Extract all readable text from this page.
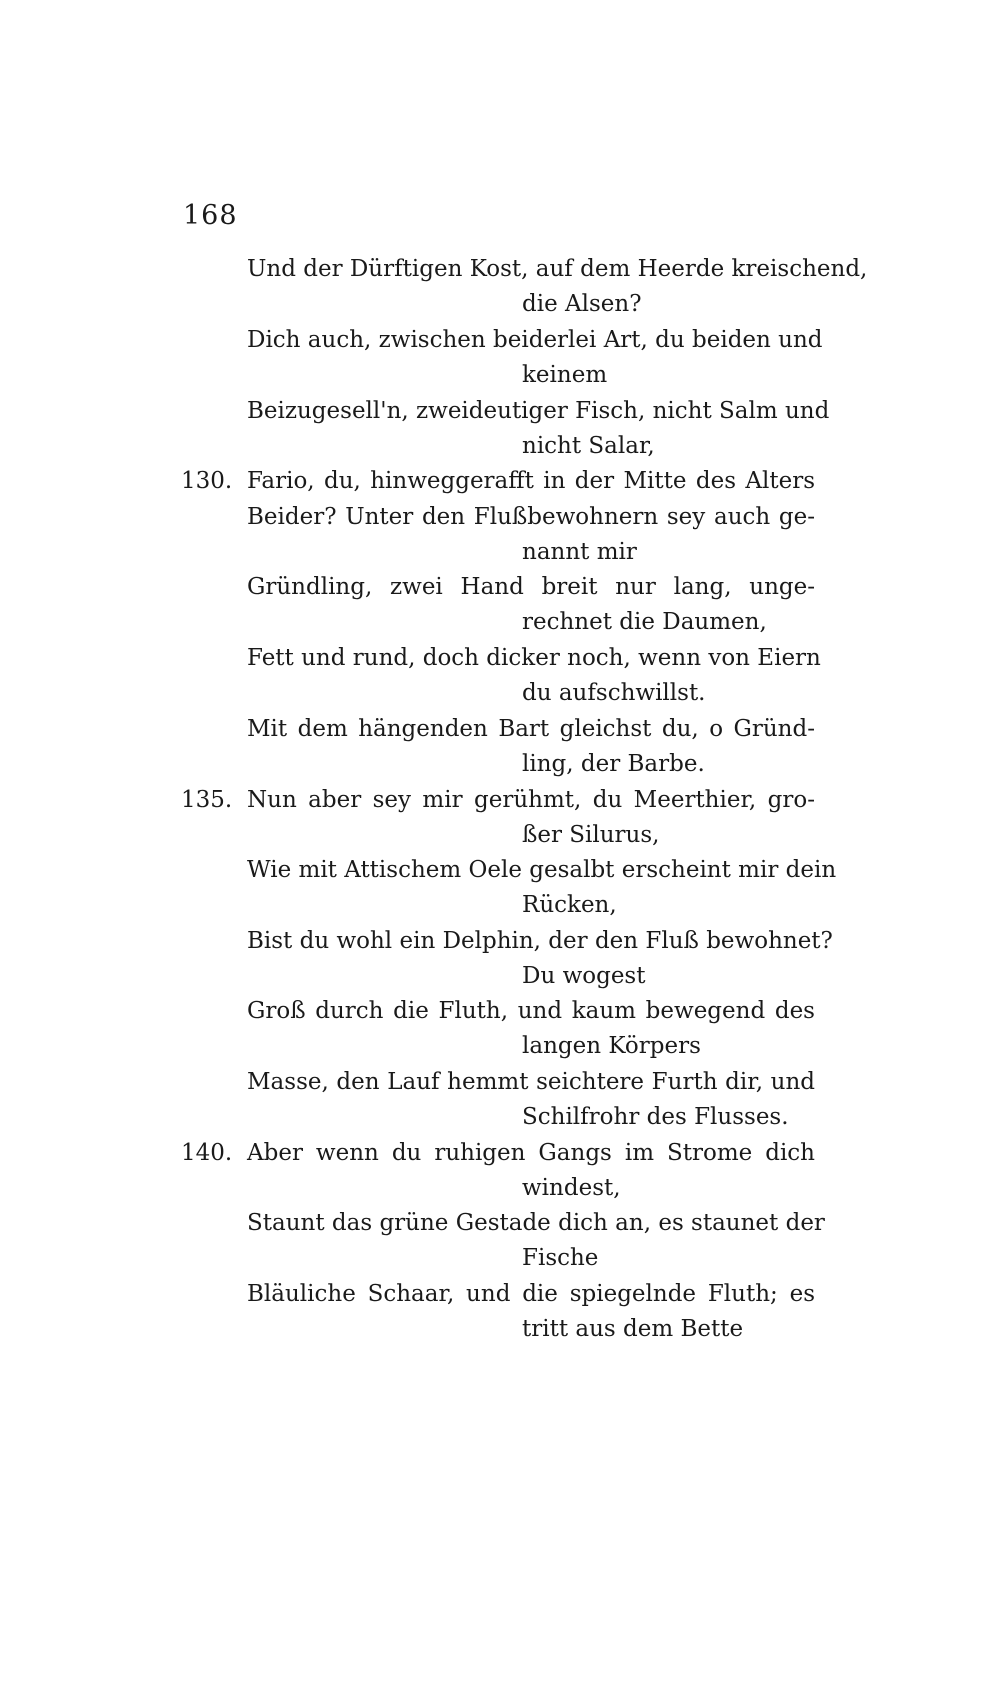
168
Und der Dürftigen Kost, auf dem Heerde kreischend,
die Alsen?
Dich auch, zwischen beiderlei Art, du beiden und
keinem
Beizugesell'n, zweideutiger Fisch, nicht Salm und
nicht Salar,
130. Fario, du, hinweggerafft in der Mitte des Alters
Beider? Unter den Flußbewohnern sey auch ge-
nannt mir
Gründling, zwei Hand breit nur lang, unge-
rechnet die Daumen,
Fett und rund, doch dicker noch, wenn von Eiern
du aufschwillst.
Mit dem hängenden Bart gleichst du, o Gründ-
ling, der Barbe.
135. Nun aber sey mir gerühmt, du Meerthier, gro-
ßer Silurus,
Wie mit Attischem Oele gesalbt erscheint mir dein
Rücken,
Bist du wohl ein Delphin, der den Fluß bewohnet?
Du wogest
Groß durch die Fluth, und kaum bewegend des
langen Körpers
Masse, den Lauf hemmt seichtere Furth dir, und
Schilfrohr des Flusses.
140. Aber wenn du ruhigen Gangs im Strome dich
windest,
Staunt das grüne Gestade dich an, es staunet der
Fische
Bläuliche Schaar, und die spiegelnde Fluth; es
tritt aus dem Bette
